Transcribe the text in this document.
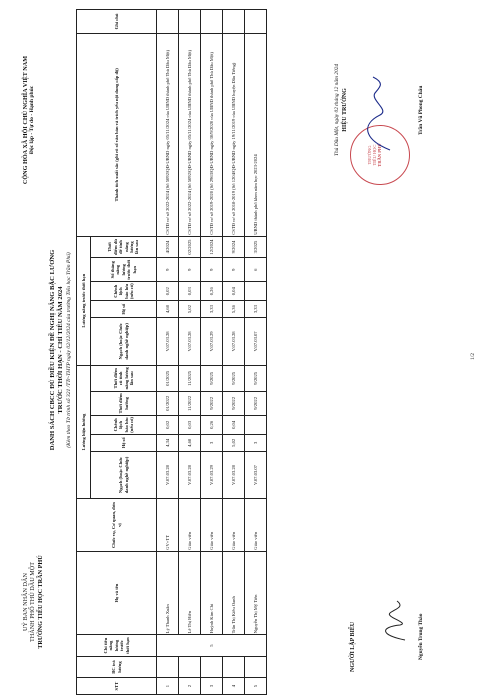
UỶ BAN NHÂN DÂN THÀNH PHỐ THỦ DẦU MỘT TRƯỜNG TIỂU HỌC TRẦN PHÚ
CỘNG HÒA XÃ HỘI CHỦ NGHĨA VIỆT NAM Độc lập - Tự do - Hạnh phúc
DANH SÁCH CBCC ĐỦ ĐIỀU KIỆN ĐỀ NGHỊ NÂNG BẬC LƯƠNG TRƯỚC THỜI HẠN - CHỈ TIÊU NĂM 2024 (Kèm theo Tờ trình số 321 /TTr-THTP ngày 02/12/2024 của trường Tiểu học Trần Phú)
STT	BC trả lương	Chỉ tiêu nâng lương trước thời hạn	Họ và tên	Chức vụ, Cơ quan, đơn vị	Lương hiện hưởng					Lương nâng trước thời hạn					Thành tích xuất sắc (ghi rõ số văn bản và trích yếu nội dung cấp độ)	Ghi chú
					Ngạch (hoặc Chức danh nghề nghiệp)	Hệ số	Chênh lệch bảo lưu (nếu có)	Thời điểm hưởng	Thời điểm cũ tính nâng lương lần sau	Ngạch (hoặc Chức danh nghề nghiệp)	Hệ số	Chênh lệch bảo lưu (nếu có)	Số tháng nâng lương trước thời hạn	Thời điểm đủ để tính nâng lương lần sau		
1		5	Lý Thanh Xuân	GV+TT	V.07.03.28	4,34	0,02	01/2022	01/2025	V.07.03.28	4,68	0,02	9	4/2024	CSTĐ cơ sở 2022-2024 (Số 5092/QĐ-UBND ngày 05/11/2024 của UBND thành phố Thủ Dầu Một)	
2			Lê Thị Hiền	Giáo viên	V.07.03.28	4,68	0,03	11/2022	11/2025	V.07.03.28	5,02	0,03	9	02/2025	CSTĐ cơ sở 2022-2024 (Số 5092/QĐ-UBND ngày 05/11/2024 của UBND thành phố Thủ Dầu Một)	
3			Huỳnh Kim Chi	Giáo viên	V.07.03.29	3	0,26	9/2022	9/2025	V.07.03.29	3,33	0,26	9	12/2024	CSTĐ cơ sở 2019-2020 (Số 2963/QĐ-UBND ngày 30/9/2020 của UBND thành phố Thủ Dầu Một)	
4			Trần Thị Kiều Oanh	Giáo viên	V.07.03.28	5,02	0,04	9/2022	9/2025	V.07.03.28	5,36	0,04	9	9/2024	CSTĐ cơ sở 2018-2019 (Số 1204/QĐ-UBND ngày 19/11/2019 của UBND huyện Dầu Tiếng)	
5			Nguyễn Thị Mỹ Tiên	Giáo viên	V.07.03.07	3		9/2022	9/2025	V.07.03.07	3,33		6	3/2025	UBND thành phố khen năm học 2023-2024	
NGƯỜI LẬP BIỂU	Nguyễn Trung Thảo
Thủ Dầu Một, ngày 02 tháng 12 năm 2024 HIỆU TRƯỞNG
TRƯỜNG TIỂU HỌC TRẦN PHÚ
Trần Vũ Phong Châu
1/2
